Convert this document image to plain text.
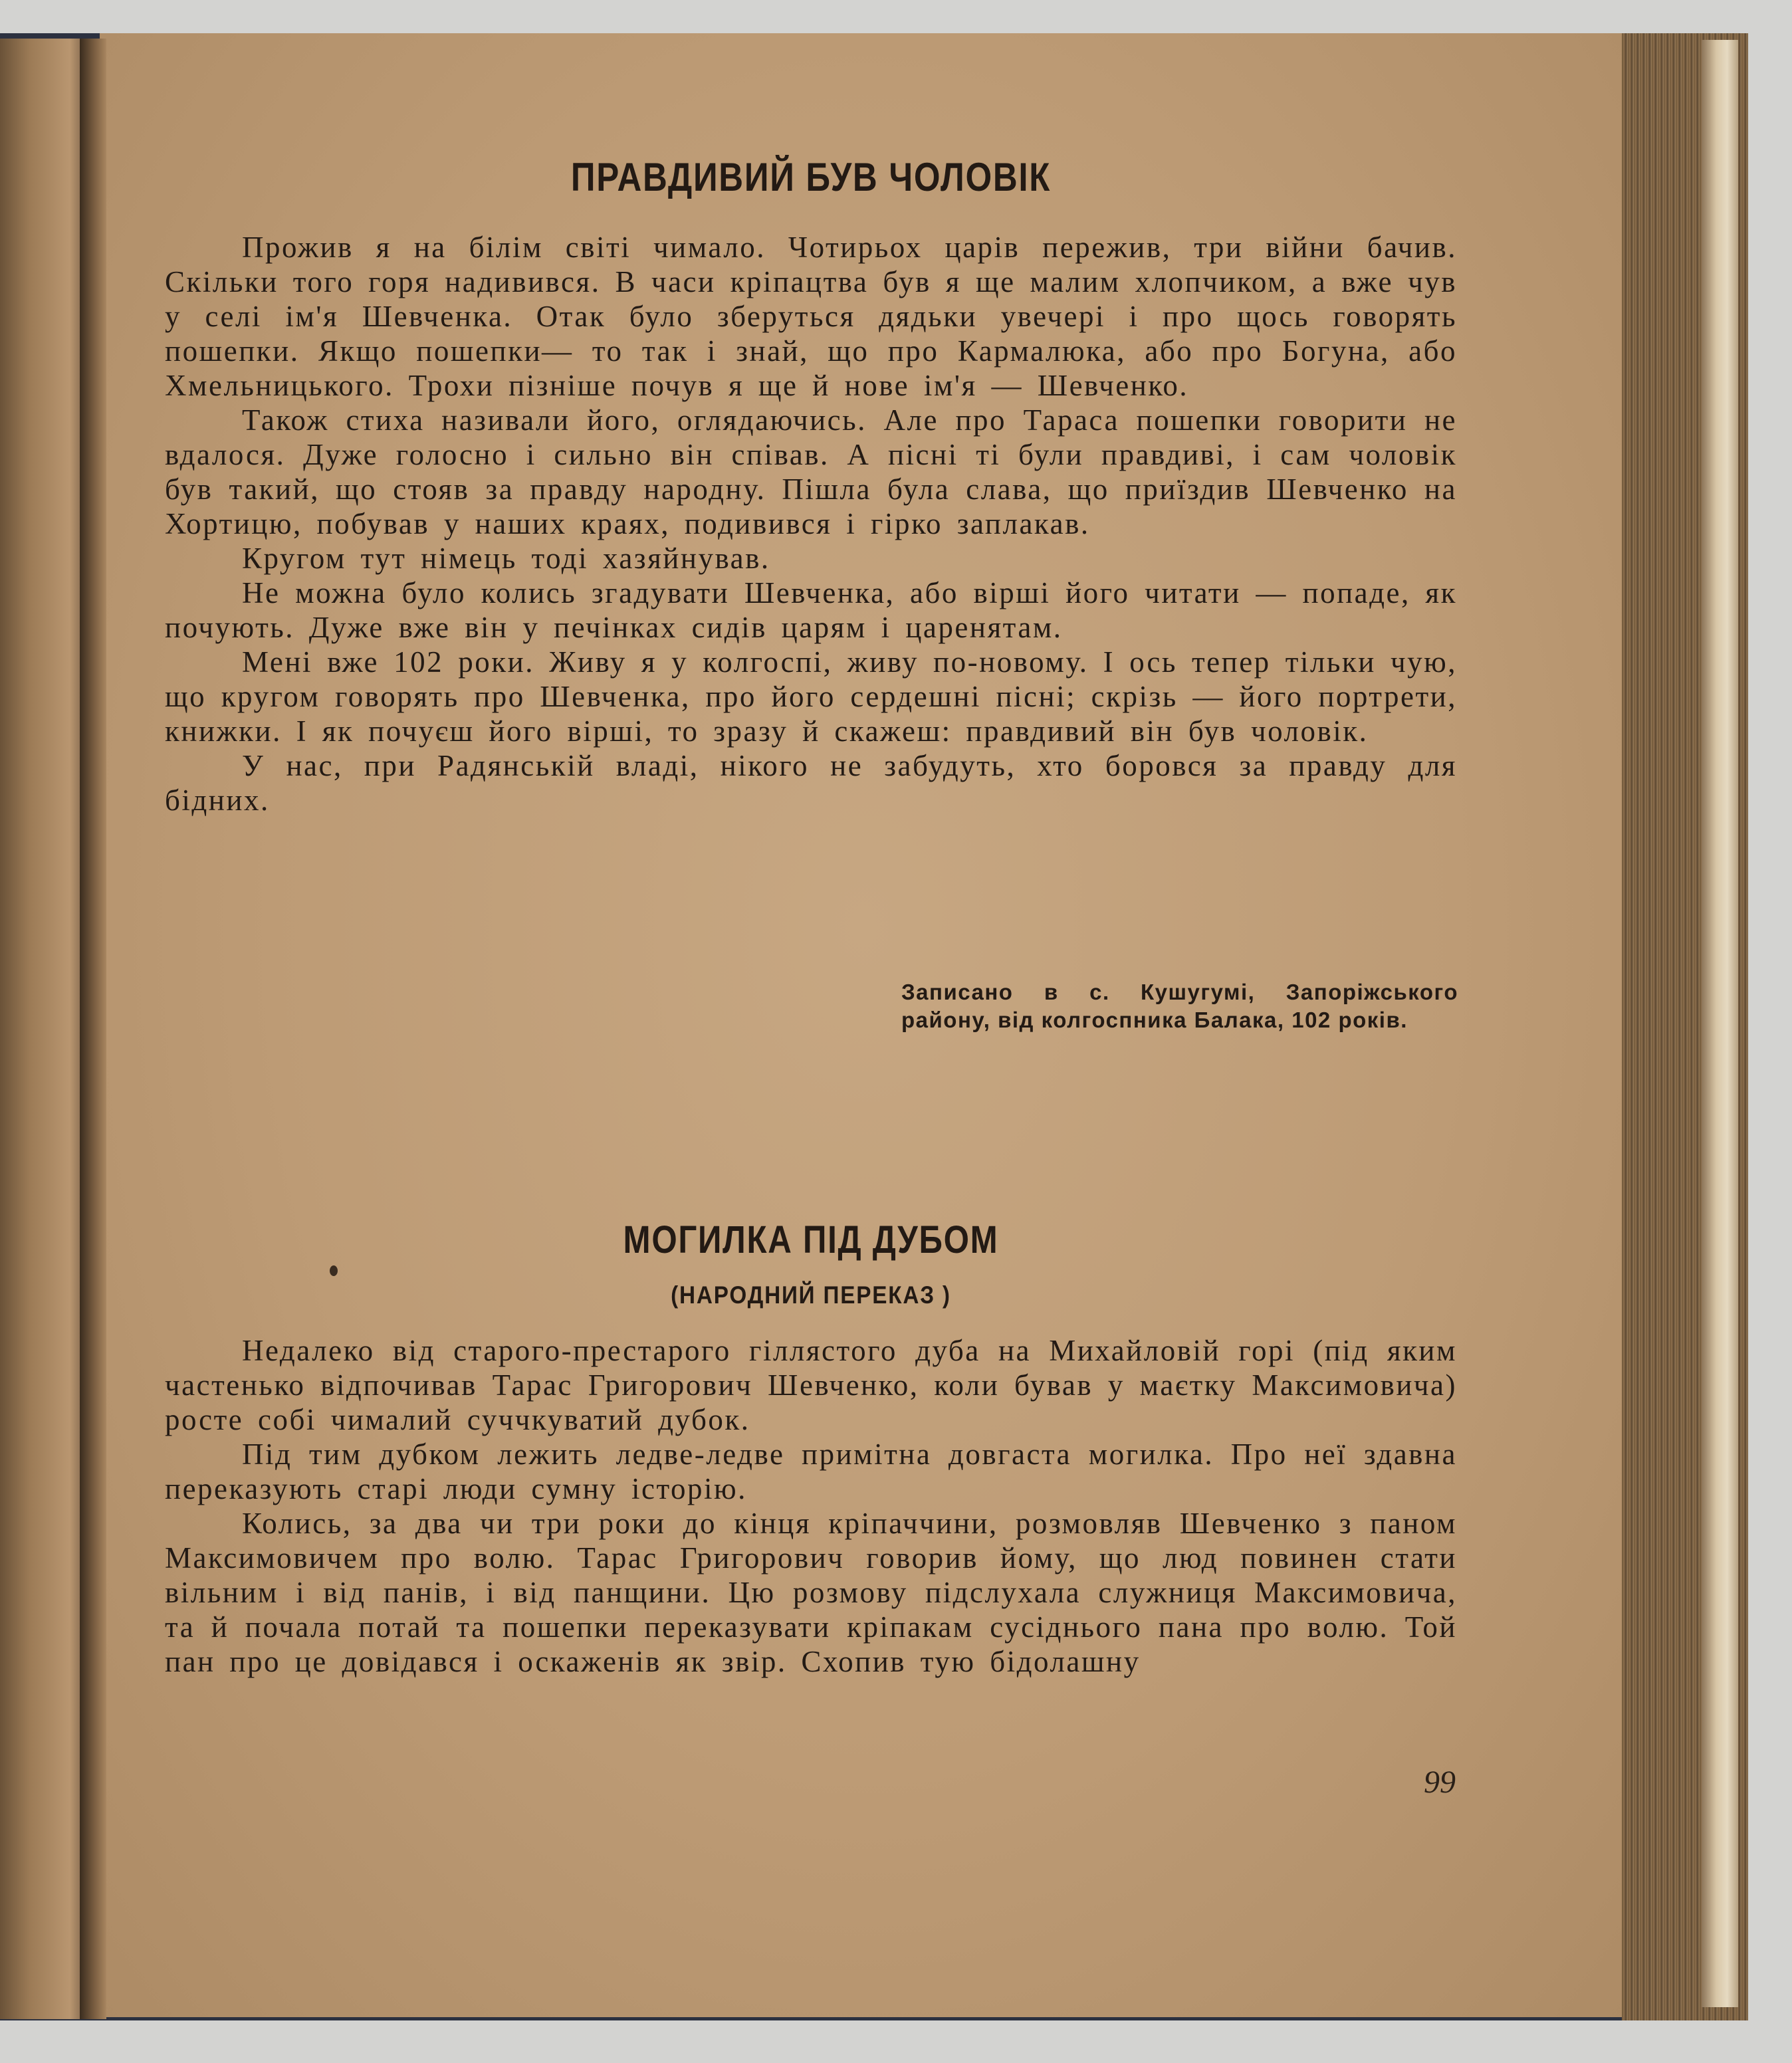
ПРАВДИВИЙ БУВ ЧОЛОВІК

Прожив я на білім світі чимало. Чотирьох царів пережив, три війни бачив. Скільки того горя надивився. В часи кріпацтва був я ще малим хлопчиком, а вже чув у селі ім'я Шевченка. Отак було зберуться дядьки увечері і про щось говорять пошепки. Якщо пошепки— то так і знай, що про Кармалюка, або про Богуна, або Хмельницького. Трохи пізніше почув я ще й нове ім'я — Шевченко.

Також стиха називали його, оглядаючись. Але про Тараса пошепки говорити не вдалося. Дуже голосно і сильно він співав. А пісні ті були правдиві, і сам чоловік був такий, що стояв за правду народну. Пішла була слава, що приїздив Шевченко на Хортицю, побував у наших краях, подивився і гірко заплакав.

Кругом тут німець тоді хазяйнував.

Не можна було колись згадувати Шевченка, або вірші його читати — попаде, як почують. Дуже вже він у печінках сидів царям і царенятам.

Мені вже 102 роки. Живу я у колгоспі, живу по-новому. І ось тепер тільки чую, що кругом говорять про Шевченка, про його сердешні пісні; скрізь — його портрети, книжки. І як почуєш його вірші, то зразу й скажеш: правдивий він був чоловік.

У нас, при Радянській владі, нікого не забудуть, хто боровся за правду для бідних.

Записано в с. Кушугумі, Запоріжського району, від колгоспника Балака, 102 років.
МОГИЛКА ПІД ДУБОМ
(НАРОДНИЙ ПЕРЕКАЗ )

Недалеко від старого-престарого гіллястого дуба на Михайловій горі (під яким частенько відпочивав Тарас Григорович Шевченко, коли бував у маєтку Максимовича) росте собі чималий суччкуватий дубок.

Під тим дубком лежить ледве-ледве примітна довгаста могилка. Про неї здавна переказують старі люди сумну історію.

Колись, за два чи три роки до кінця кріпаччини, розмовляв Шевченко з паном Максимовичем про волю. Тарас Григорович говорив йому, що люд повинен стати вільним і від панів, і від панщини. Цю розмову підслухала служниця Максимовича, та й почала потай та пошепки переказувати кріпакам сусіднього пана про волю. Той пан про це довідався і оскаженів як звір. Схопив тую бідолашну

99
